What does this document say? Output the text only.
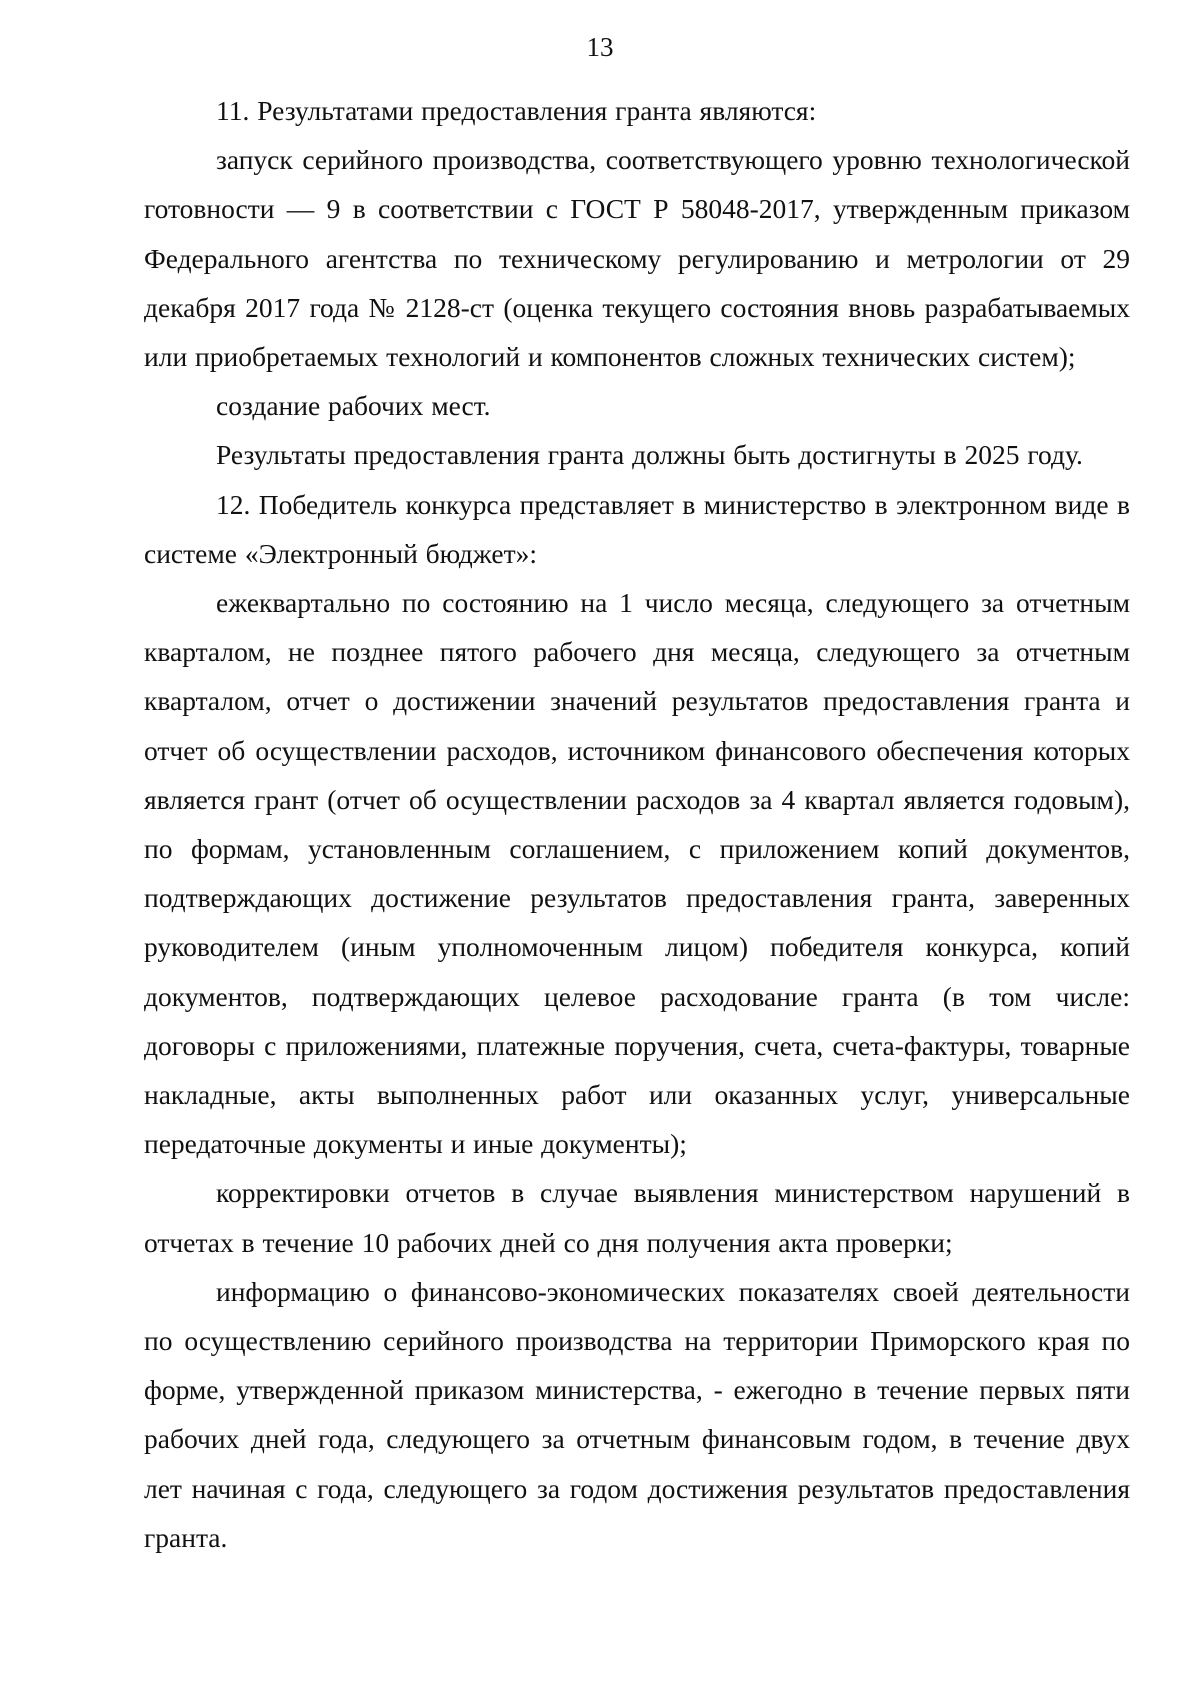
13

11. Результатами предоставления гранта являются:

запуск серийного производства, соответствующего уровню технологической готовности — 9 в соответствии с ГОСТ Р 58048-2017, утвержденным приказом Федерального агентства по техническому регулированию и метрологии от 29 декабря 2017 года № 2128-ст (оценка текущего состояния вновь разрабатываемых или приобретаемых технологий и компонентов сложных технических систем);

создание рабочих мест.

Результаты предоставления гранта должны быть достигнуты в 2025 году.

12. Победитель конкурса представляет в министерство в электронном виде в системе «Электронный бюджет»:

ежеквартально по состоянию на 1 число месяца, следующего за отчетным кварталом, не позднее пятого рабочего дня месяца, следующего за отчетным кварталом, отчет о достижении значений результатов предоставления гранта и отчет об осуществлении расходов, источником финансового обеспечения которых является грант (отчет об осуществлении расходов за 4 квартал является годовым), по формам, установленным соглашением, с приложением копий документов, подтверждающих достижение результатов предоставления гранта, заверенных руководителем (иным уполномоченным лицом) победителя конкурса, копий документов, подтверждающих целевое расходование гранта (в том числе: договоры с приложениями, платежные поручения, счета, счета-фактуры, товарные накладные, акты выполненных работ или оказанных услуг, универсальные передаточные документы и иные документы);

корректировки отчетов в случае выявления министерством нарушений в отчетах в течение 10 рабочих дней со дня получения акта проверки;

информацию о финансово-экономических показателях своей деятельности по осуществлению серийного производства на территории Приморского края по форме, утвержденной приказом министерства, - ежегодно в течение первых пяти рабочих дней года, следующего за отчетным финансовым годом, в течение двух лет начиная с года, следующего за годом достижения результатов предоставления гранта.
